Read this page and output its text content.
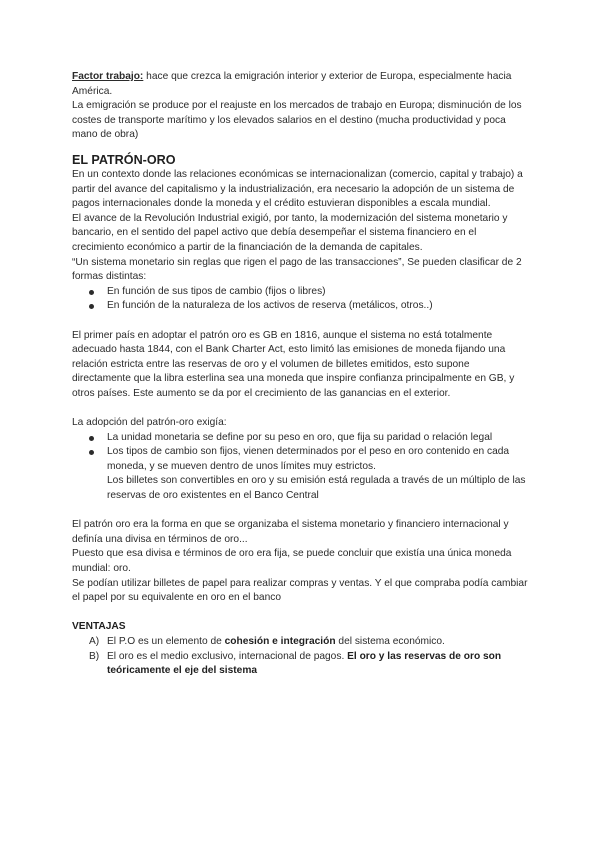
Factor trabajo: hace que crezca la emigración interior y exterior de Europa, especialmente hacia América.

La emigración se produce por el reajuste en los mercados de trabajo en Europa; disminución de los costes de transporte marítimo y los elevados salarios en el destino (mucha productividad y poca mano de obra)

EL PATRÓN-ORO

En un contexto donde las relaciones económicas se internacionalizan (comercio, capital y trabajo) a partir del avance del capitalismo y la industrialización, era necesario la adopción de un sistema de pagos internacionales donde la moneda y el crédito estuvieran disponibles a escala mundial.

El avance de la Revolución Industrial exigió, por tanto, la modernización del sistema monetario y bancario, en el sentido del papel activo que debía desempeñar el sistema financiero en el crecimiento económico a partir de la financiación de la demanda de capitales.

“Un sistema monetario sin reglas que rigen el pago de las transacciones”, Se pueden clasificar de 2 formas distintas:

En función de sus tipos de cambio (fijos o libres)
En función de la naturaleza de los activos de reserva (metálicos, otros..)

El primer país en adoptar el patrón oro es GB en 1816, aunque el sistema no está totalmente adecuado hasta 1844, con el Bank Charter Act, esto limitó las emisiones de moneda fijando una relación estricta entre las reservas de oro y el volumen de billetes emitidos, esto supone directamente que la libra esterlina sea una moneda que inspire confianza principalmente en GB, y otros países. Este aumento se da por el crecimiento de las ganancias en el exterior.

La adopción del patrón-oro exigía:

La unidad monetaria se define por su peso en oro, que fija su paridad o relación legal
Los tipos de cambio son fijos, vienen determinados por el peso en oro contenido en cada moneda, y se mueven dentro de unos límites muy estrictos.

Los billetes son convertibles en oro y su emisión está regulada a través de un múltiplo de las reservas de oro existentes en el Banco Central

El patrón oro era la forma en que se organizaba el sistema monetario y financiero internacional y definía una divisa en términos de oro...

Puesto que esa divisa e términos de oro era fija, se puede concluir que existía una única moneda mundial: oro.

Se podían utilizar billetes de papel para realizar compras y ventas. Y el que compraba podía cambiar el papel por su equivalente en oro en el banco

VENTAJAS

A) El P.O es un elemento de cohesión e integración del sistema económico.
B) El oro es el medio exclusivo, internacional de pagos. El oro y las reservas de oro son teóricamente el eje del sistema
